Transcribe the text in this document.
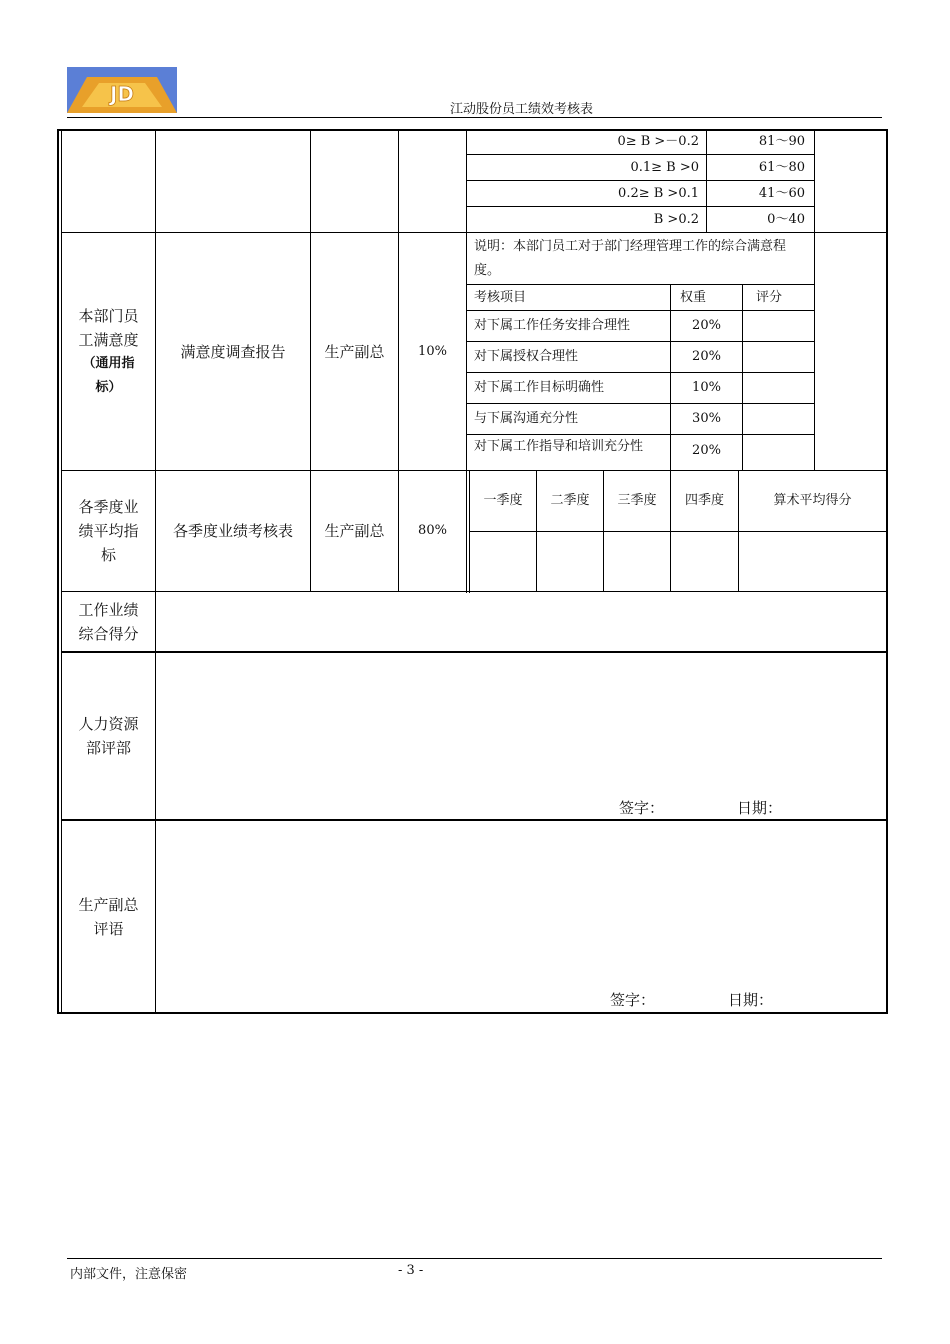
JD
江动股份员工绩效考核表
0≥ B >－0.2	81～90
0.1≥ B >0	61～80
0.2≥ B >0.1	41～60
B >0.2	0～40
本部门员
工满意度
（通用指
标）
满意度调查报告	生产副总	10%
说明：本部门员工对于部门经理管理工作的综合满意程度。
考核项目	权重	评分
对下属工作任务安排合理性	20%
对下属授权合理性	20%
对下属工作目标明确性	10%
与下属沟通充分性	30%
对下属工作指导和培训充分性	20%
各季度业
绩平均指
标
各季度业绩考核表	生产副总	80%
一季度	二季度	三季度	四季度	算术平均得分
工作业绩
综合得分
人力资源
部评部
签字：	日期：
生产副总
评语
签字：	日期：
内部文件，注意保密	- 3 -
